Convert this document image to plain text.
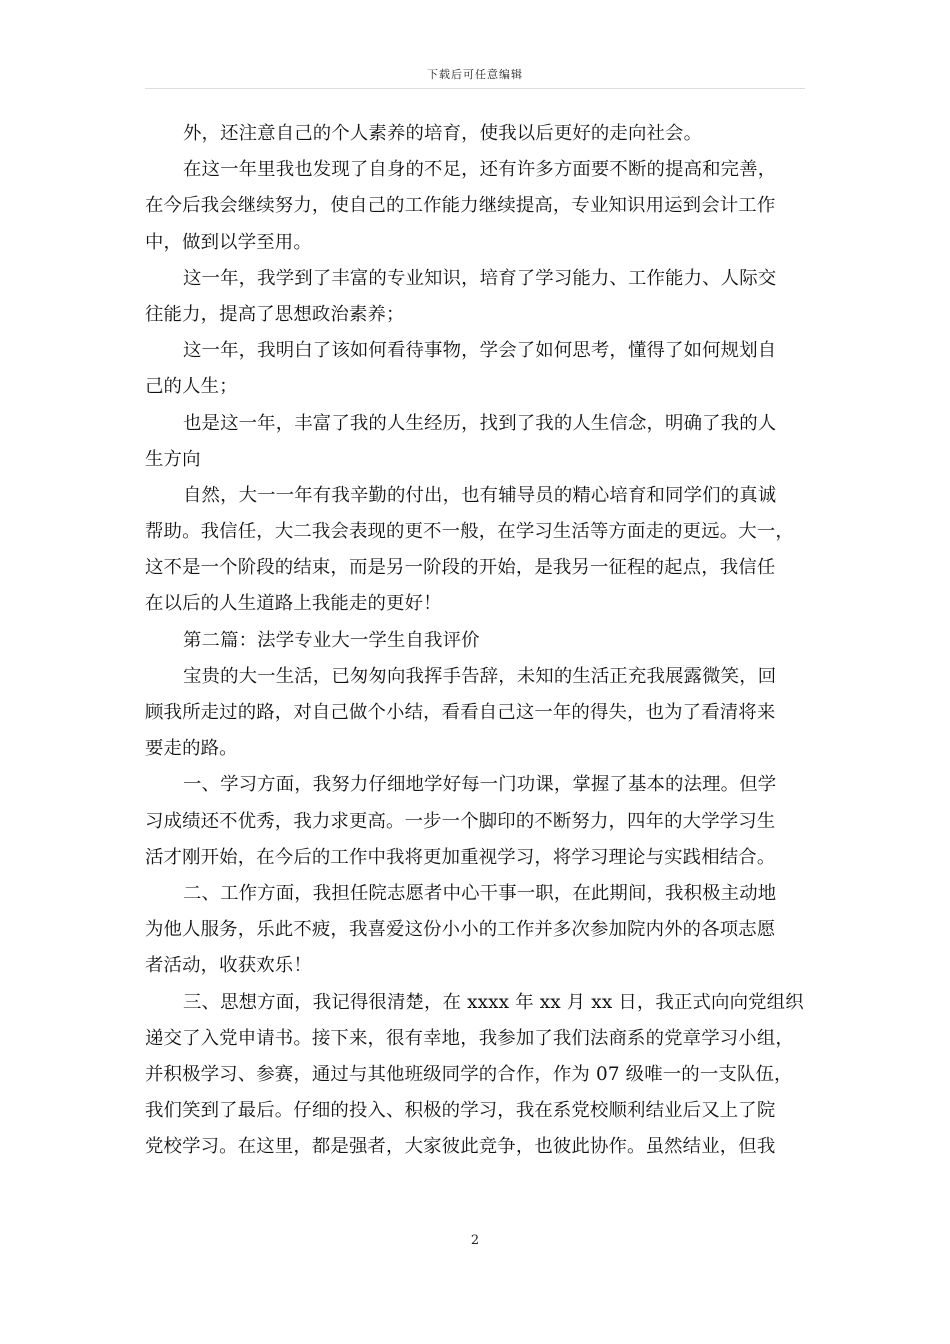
下载后可任意编辑
外，还注意自己的个人素养的培育，使我以后更好的走向社会。
在这一年里我也发现了自身的不足，还有许多方面要不断的提高和完善，
在今后我会继续努力，使自己的工作能力继续提高，专业知识用运到会计工作
中，做到以学至用。
这一年，我学到了丰富的专业知识，培育了学习能力、工作能力、人际交
往能力，提高了思想政治素养；
这一年，我明白了该如何看待事物，学会了如何思考，懂得了如何规划自
己的人生；
也是这一年，丰富了我的人生经历，找到了我的人生信念，明确了我的人
生方向
自然，大一一年有我辛勤的付出，也有辅导员的精心培育和同学们的真诚
帮助。我信任，大二我会表现的更不一般，在学习生活等方面走的更远。大一，
这不是一个阶段的结束，而是另一阶段的开始，是我另一征程的起点，我信任
在以后的人生道路上我能走的更好！
第二篇：法学专业大一学生自我评价
宝贵的大一生活，已匆匆向我挥手告辞，未知的生活正充我展露微笑，回
顾我所走过的路，对自己做个小结，看看自己这一年的得失，也为了看清将来
要走的路。
一、学习方面，我努力仔细地学好每一门功课，掌握了基本的法理。但学
习成绩还不优秀，我力求更高。一步一个脚印的不断努力，四年的大学学习生
活才刚开始，在今后的工作中我将更加重视学习，将学习理论与实践相结合。
二、工作方面，我担任院志愿者中心干事一职，在此期间，我积极主动地
为他人服务，乐此不疲，我喜爱这份小小的工作并多次参加院内外的各项志愿
者活动，收获欢乐！
三、思想方面，我记得很清楚，在 xxxx 年 xx 月 xx 日，我正式向向党组织
递交了入党申请书。接下来，很有幸地，我参加了我们法商系的党章学习小组，
并积极学习、参赛，通过与其他班级同学的合作，作为 07 级唯一的一支队伍，
我们笑到了最后。仔细的投入、积极的学习，我在系党校顺利结业后又上了院
党校学习。在这里，都是强者，大家彼此竞争，也彼此协作。虽然结业，但我
2
